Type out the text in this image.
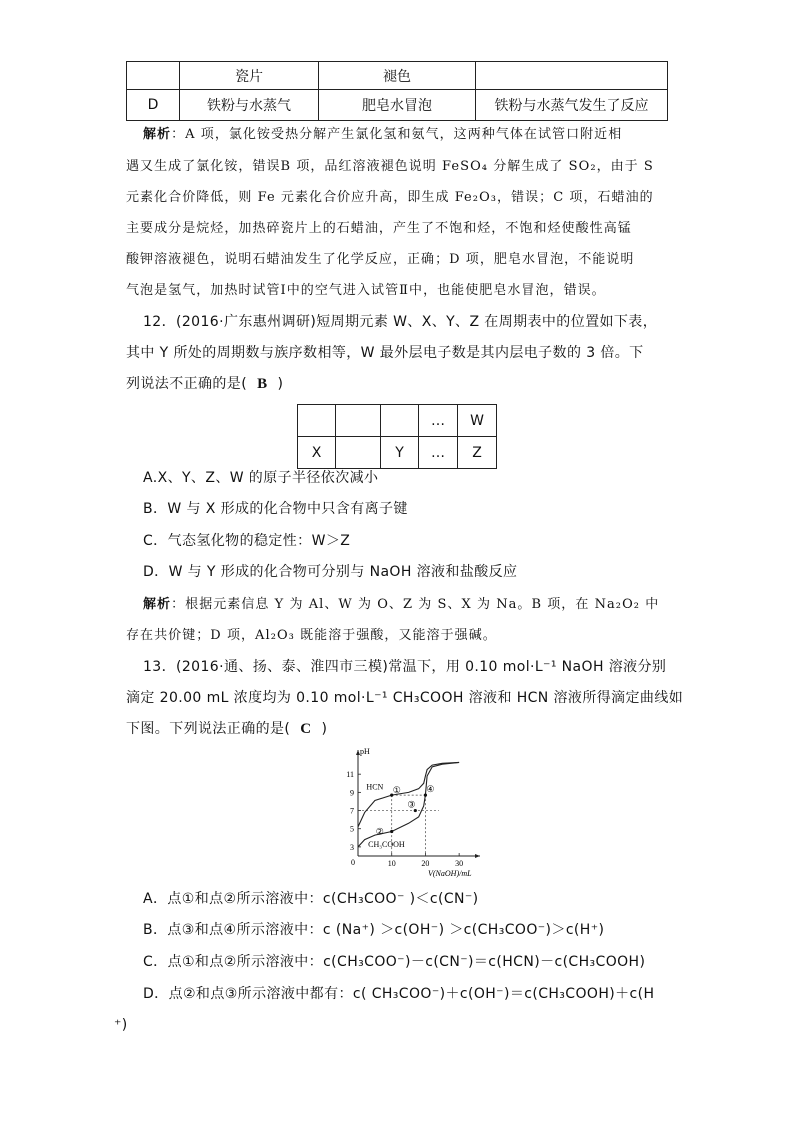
	瓷片	褪色	
D	铁粉与水蒸气	肥皂水冒泡	铁粉与水蒸气发生了反应
解析：A 项，氯化铵受热分解产生氯化氢和氨气，这两种气体在试管口附近相
遇又生成了氯化铵，错误B 项，品红溶液褪色说明 FeSO₄ 分解生成了 SO₂，由于 S
元素化合价降低，则 Fe 元素化合价应升高，即生成 Fe₂O₃，错误；C 项，石蜡油的
主要成分是烷烃，加热碎瓷片上的石蜡油，产生了不饱和烃，不饱和烃使酸性高锰
酸钾溶液褪色，说明石蜡油发生了化学反应，正确；D 项，肥皂水冒泡，不能说明
气泡是氢气，加热时试管Ⅰ中的空气进入试管Ⅱ中，也能使肥皂水冒泡，错误。
12．(2016·广东惠州调研)短周期元素 W、X、Y、Z 在周期表中的位置如下表，
其中 Y 所处的周期数与族序数相等，W 最外层电子数是其内层电子数的 3 倍。下
列说法不正确的是( B )
			…	W
X		Y	…	Z
A.X、Y、Z、W 的原子半径依次减小
B．W 与 X 形成的化合物中只含有离子键
C．气态氢化物的稳定性：W＞Z
D．W 与 Y 形成的化合物可分别与 NaOH 溶液和盐酸反应
解析：根据元素信息 Y 为 Al、W 为 O、Z 为 S、X 为 Na。B 项，在 Na₂O₂ 中
存在共价键；D 项，Al₂O₃ 既能溶于强酸，又能溶于强碱。
13．(2016·通、扬、泰、淮四市三模)常温下，用 0.10 mol·L⁻¹ NaOH 溶液分别
滴定 20.00 mL 浓度均为 0.10 mol·L⁻¹ CH₃COOH 溶液和 HCN 溶液所得滴定曲线如
下图。下列说法正确的是( C )
pH
V(NaOH)/mL
0
3
5
7
9
11
10	20	30
HCN
CH₃COOH
①
②
③
④
A．点①和点②所示溶液中：c(CH₃COO⁻ )＜c(CN⁻)
B．点③和点④所示溶液中：c (Na⁺) ＞c(OH⁻) ＞c(CH₃COO⁻)＞c(H⁺)
C．点①和点②所示溶液中：c(CH₃COO⁻)－c(CN⁻)＝c(HCN)－c(CH₃COOH)
D．点②和点③所示溶液中都有：c( CH₃COO⁻)＋c(OH⁻)＝c(CH₃COOH)＋c(H
⁺)
